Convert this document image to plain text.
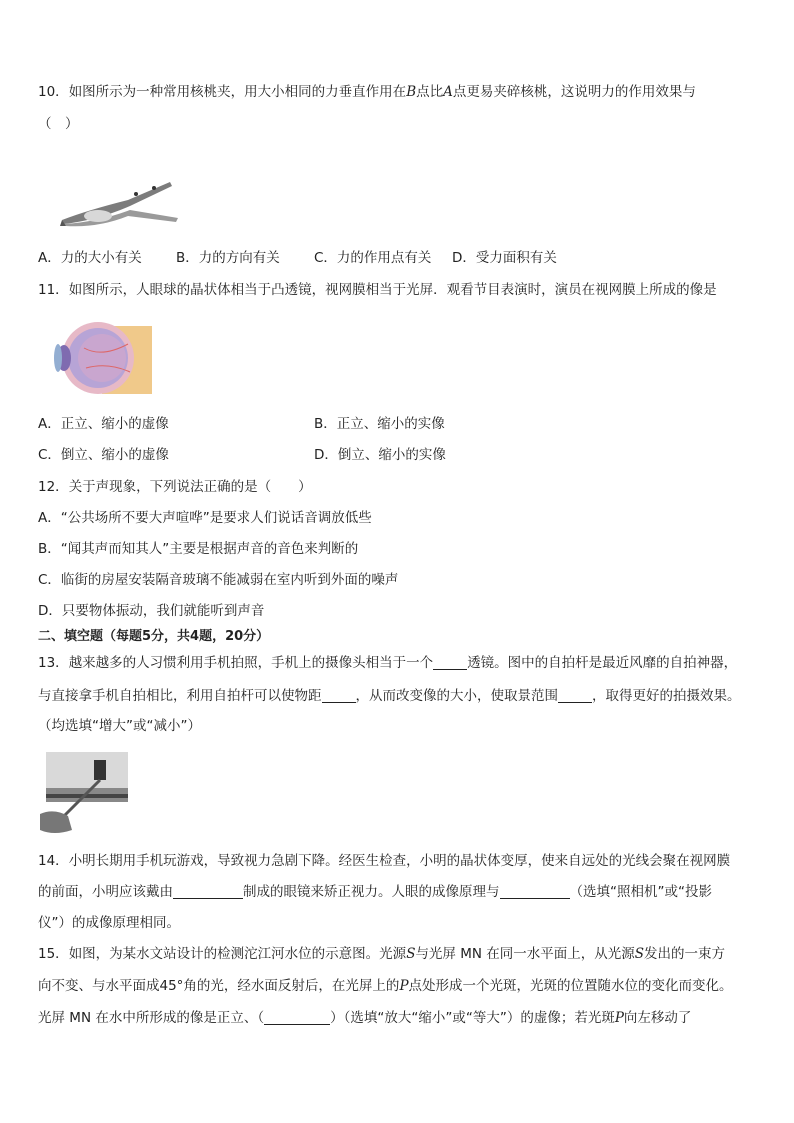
10．如图所示为一种常用核桃夹，用大小相同的力垂直作用在B点比A点更易夹碎核桃，这说明力的作用效果与
（　）
A．力的大小有关	B．力的方向有关	C．力的作用点有关 D．受力面积有关
11．如图所示，人眼球的晶状体相当于凸透镜，视网膜相当于光屏．观看节目表演时，演员在视网膜上所成的像是
A．正立、缩小的虚像	B．正立、缩小的实像
C．倒立、缩小的虚像	D．倒立、缩小的实像
12．关于声现象，下列说法正确的是（　　）
A．“公共场所不要大声喧哗”是要求人们说话音调放低些
B．“闻其声而知其人”主要是根据声音的音色来判断的
C．临街的房屋安装隔音玻璃不能减弱在室内听到外面的噪声
D．只要物体振动，我们就能听到声音
二、填空题（每题5分，共4题，20分）
13．越来越多的人习惯利用手机拍照，手机上的摄像头相当于一个	透镜。图中的自拍杆是最近风靡的自拍神器，
与直接拿手机自拍相比，利用自拍杆可以使物距	，从而改变像的大小，使取景范围	，取得更好的拍摄效果。
（均选填“增大”或“减小”）
14．小明长期用手机玩游戏，导致视力急剧下降。经医生检查，小明的晶状体变厚，使来自远处的光线会聚在视网膜
的前面，小明应该戴由	制成的眼镜来矫正视力。人眼的成像原理与	（选填“照相机”或“投影
仪”）的成像原理相同。
15．如图，为某水文站设计的检测沱江河水位的示意图。光源S与光屏 MN 在同一水平面上，从光源S发出的一束方
向不变、与水平面成45°角的光，经水面反射后，在光屏上的P点处形成一个光斑，光斑的位置随水位的变化而变化。
光屏 MN 在水中所形成的像是正立、（	）（选填“放大“缩小”或“等大”）的虚像；若光斑P向左移动了
